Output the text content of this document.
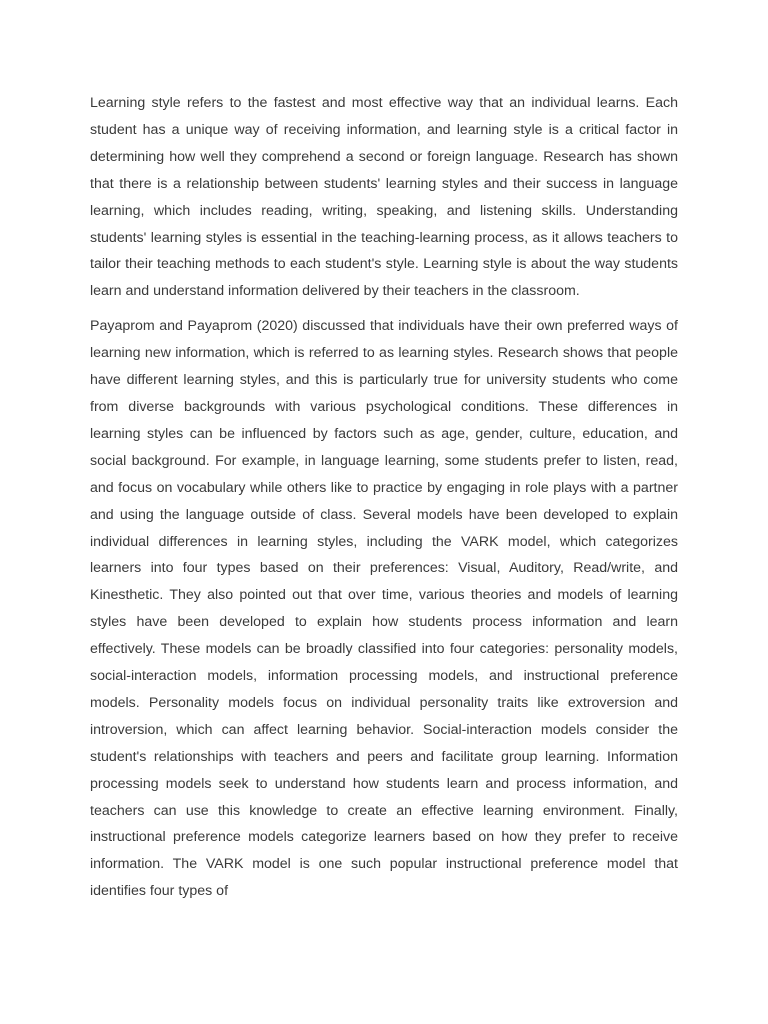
Learning style refers to the fastest and most effective way that an individual learns. Each student has a unique way of receiving information, and learning style is a critical factor in determining how well they comprehend a second or foreign language. Research has shown that there is a relationship between students' learning styles and their success in language learning, which includes reading, writing, speaking, and listening skills. Understanding students' learning styles is essential in the teaching-learning process, as it allows teachers to tailor their teaching methods to each student's style. Learning style is about the way students learn and understand information delivered by their teachers in the classroom.

Payaprom and Payaprom (2020) discussed that individuals have their own preferred ways of learning new information, which is referred to as learning styles. Research shows that people have different learning styles, and this is particularly true for university students who come from diverse backgrounds with various psychological conditions. These differences in learning styles can be influenced by factors such as age, gender, culture, education, and social background. For example, in language learning, some students prefer to listen, read, and focus on vocabulary while others like to practice by engaging in role plays with a partner and using the language outside of class. Several models have been developed to explain individual differences in learning styles, including the VARK model, which categorizes learners into four types based on their preferences: Visual, Auditory, Read/write, and Kinesthetic. They also pointed out that over time, various theories and models of learning styles have been developed to explain how students process information and learn effectively. These models can be broadly classified into four categories: personality models, social-interaction models, information processing models, and instructional preference models. Personality models focus on individual personality traits like extroversion and introversion, which can affect learning behavior. Social-interaction models consider the student's relationships with teachers and peers and facilitate group learning. Information processing models seek to understand how students learn and process information, and teachers can use this knowledge to create an effective learning environment. Finally, instructional preference models categorize learners based on how they prefer to receive information. The VARK model is one such popular instructional preference model that identifies four types of
